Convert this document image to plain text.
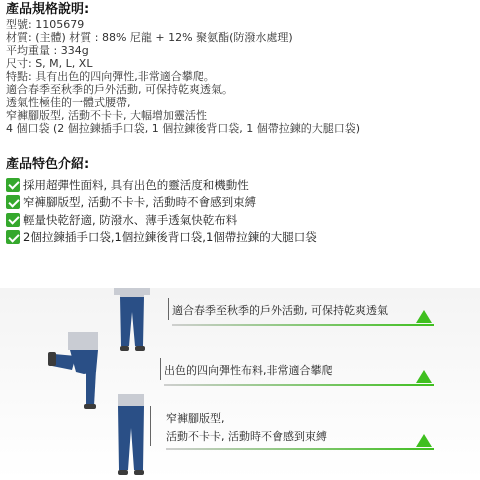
產品規格說明:
型號: 1105679
材質: (主體) 材質 : 88% 尼龍 + 12% 聚氨酯(防潑水處理)
平均重量 : 334g
尺寸: S, M, L, XL
特點: 具有出色的四向彈性,非常適合攀爬。
適合春季至秋季的戶外活動, 可保持乾爽透氣。
透氣性極佳的一體式腰帶,
窄褲腳版型, 活動不卡卡, 大幅增加靈活性
4 個口袋 (2 個拉鍊插手口袋, 1 個拉鍊後背口袋, 1 個帶拉鍊的大腿口袋)
產品特色介紹:
採用超彈性面料, 具有出色的靈活度和機動性
窄褲腳版型, 活動不卡卡, 活動時不會感到束縛
輕量快乾舒適, 防潑水、薄手透氣快乾布料
2個拉鍊插手口袋,1個拉鍊後背口袋,1個帶拉鍊的大腿口袋
適合春季至秋季的戶外活動, 可保持乾爽透氣
出色的四向彈性布料,非常適合攀爬
窄褲腳版型,
活動不卡卡, 活動時不會感到束縛
